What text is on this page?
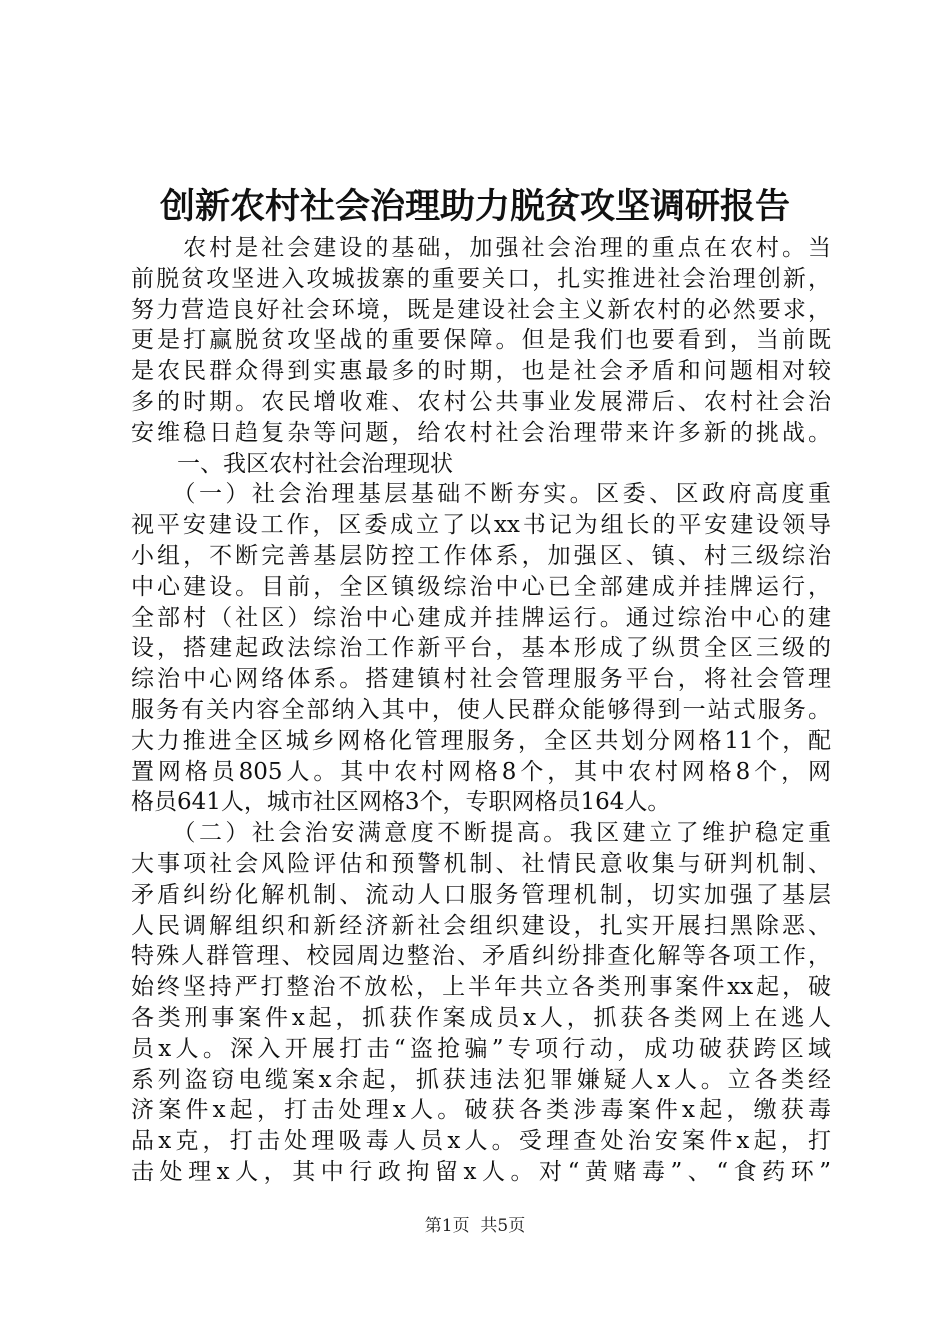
创新农村社会治理助力脱贫攻坚调研报告
　　农村是社会建设的基础，加强社会治理的重点在农村。当
前脱贫攻坚进入攻城拔寨的重要关口，扎实推进社会治理创新，
努力营造良好社会环境，既是建设社会主义新农村的必然要求，
更是打赢脱贫攻坚战的重要保障。但是我们也要看到，当前既
是农民群众得到实惠最多的时期，也是社会矛盾和问题相对较
多的时期。农民增收难、农村公共事业发展滞后、农村社会治
安维稳日趋复杂等问题，给农村社会治理带来许多新的挑战。
　　一、我区农村社会治理现状
　　（一）社会治理基层基础不断夯实。区委、区政府高度重
视平安建设工作，区委成立了以xx书记为组长的平安建设领导
小组，不断完善基层防控工作体系，加强区、镇、村三级综治
中心建设。目前，全区镇级综治中心已全部建成并挂牌运行，
全部村（社区）综治中心建成并挂牌运行。通过综治中心的建
设，搭建起政法综治工作新平台，基本形成了纵贯全区三级的
综治中心网络体系。搭建镇村社会管理服务平台，将社会管理
服务有关内容全部纳入其中，使人民群众能够得到一站式服务。
大力推进全区城乡网格化管理服务，全区共划分网格11个，配
置网格员805人。其中农村网格8个，其中农村网格8个，网
格员641人，城市社区网格3个，专职网格员164人。
　　（二）社会治安满意度不断提高。我区建立了维护稳定重
大事项社会风险评估和预警机制、社情民意收集与研判机制、
矛盾纠纷化解机制、流动人口服务管理机制，切实加强了基层
人民调解组织和新经济新社会组织建设，扎实开展扫黑除恶、
特殊人群管理、校园周边整治、矛盾纠纷排查化解等各项工作，
始终坚持严打整治不放松，上半年共立各类刑事案件xx起，破
各类刑事案件x起，抓获作案成员x人，抓获各类网上在逃人
员x人。深入开展打击“盗抢骗”专项行动，成功破获跨区域
系列盗窃电缆案x余起，抓获违法犯罪嫌疑人x人。立各类经
济案件x起，打击处理x人。破获各类涉毒案件x起，缴获毒
品x克，打击处理吸毒人员x人。受理查处治安案件x起，打
击处理x人，其中行政拘留x人。对“黄赌毒”、“食药环”
第1页  共5页
